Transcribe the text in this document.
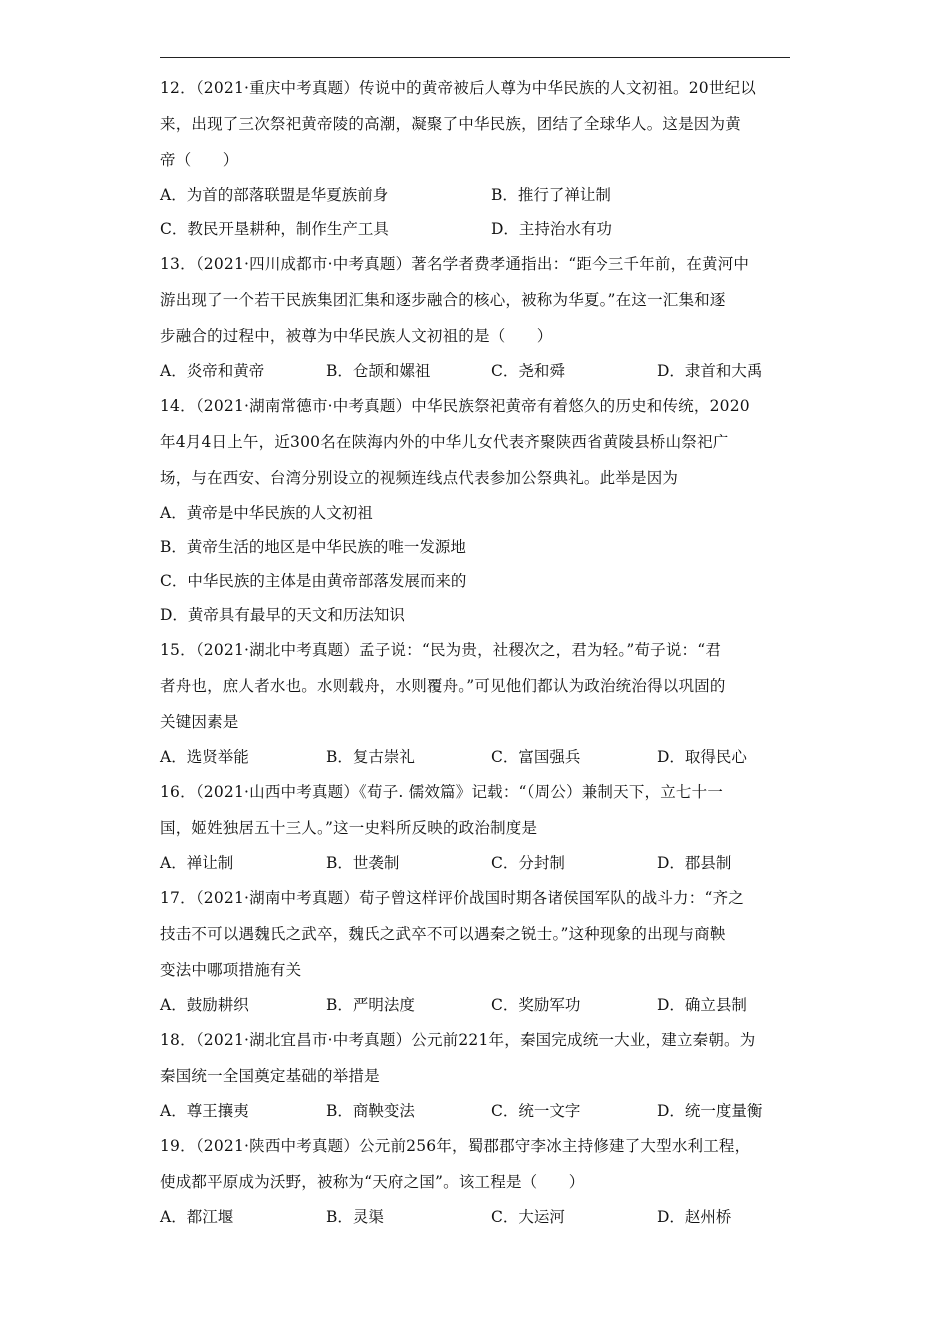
12．（2021·重庆中考真题）传说中的黄帝被后人尊为中华民族的人文初祖。20世纪以
来，出现了三次祭祀黄帝陵的高潮，凝聚了中华民族，团结了全球华人。这是因为黄
帝（　　）
A．为首的部落联盟是华夏族前身	B．推行了禅让制
C．教民开垦耕种，制作生产工具	D．主持治水有功
13．（2021·四川成都市·中考真题）著名学者费孝通指出：“距今三千年前，在黄河中
游出现了一个若干民族集团汇集和逐步融合的核心，被称为华夏。”在这一汇集和逐
步融合的过程中，被尊为中华民族人文初祖的是（　　）
A．炎帝和黄帝	B．仓颉和嫘祖	C．尧和舜	D．隶首和大禹
14．（2021·湖南常德市·中考真题）中华民族祭祀黄帝有着悠久的历史和传统，2020
年4月4日上午，近300名在陕海内外的中华儿女代表齐聚陕西省黄陵县桥山祭祀广
场，与在西安、台湾分别设立的视频连线点代表参加公祭典礼。此举是因为
A．黄帝是中华民族的人文初祖
B．黄帝生活的地区是中华民族的唯一发源地
C．中华民族的主体是由黄帝部落发展而来的
D．黄帝具有最早的天文和历法知识
15．（2021·湖北中考真题）孟子说：“民为贵，社稷次之，君为轻。”荀子说：“君
者舟也，庶人者水也。水则载舟，水则覆舟。”可见他们都认为政治统治得以巩固的
关键因素是
A．选贤举能	B．复古崇礼	C．富国强兵	D．取得民心
16．（2021·山西中考真题）《荀子. 儒效篇》记载：“（周公）兼制天下，立七十一
国，姬姓独居五十三人。”这一史料所反映的政治制度是
A．禅让制	B．世袭制	C．分封制	D．郡县制
17．（2021·湖南中考真题）荀子曾这样评价战国时期各诸侯国军队的战斗力：“齐之
技击不可以遇魏氏之武卒，魏氏之武卒不可以遇秦之锐士。”这种现象的出现与商鞅
变法中哪项措施有关
A．鼓励耕织	B．严明法度	C．奖励军功	D．确立县制
18．（2021·湖北宜昌市·中考真题）公元前221年，秦国完成统一大业，建立秦朝。为
秦国统一全国奠定基础的举措是
A．尊王攘夷	B．商鞅变法	C．统一文字	D．统一度量衡
19．（2021·陕西中考真题）公元前256年，蜀郡郡守李冰主持修建了大型水利工程，
使成都平原成为沃野，被称为“天府之国”。该工程是（　　）
A．都江堰	B．灵渠	C．大运河	D．赵州桥
